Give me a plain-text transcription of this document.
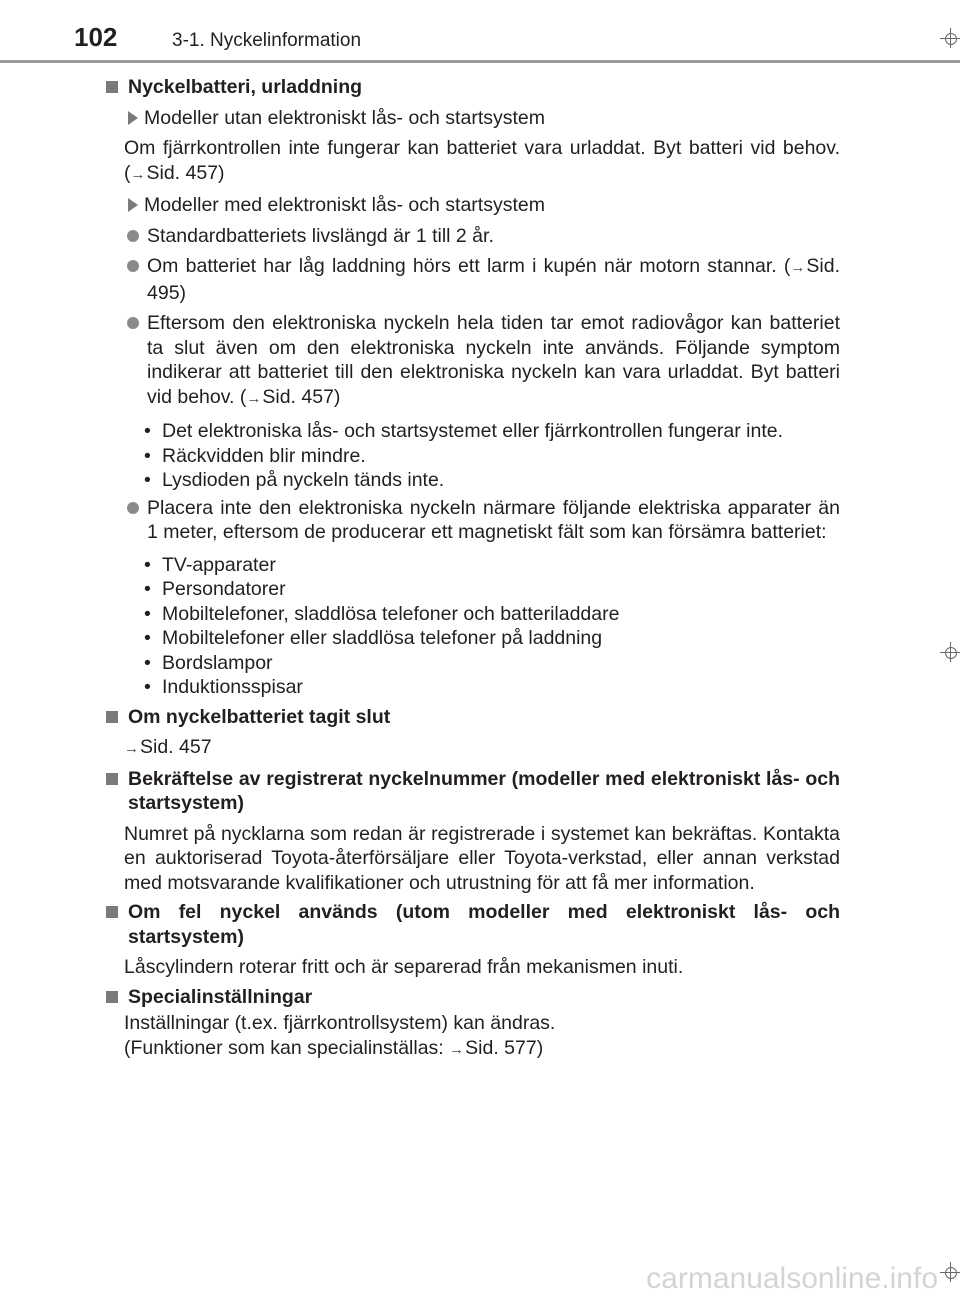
102	3-1. Nyckelinformation
Nyckelbatteri, urladdning
Modeller utan elektroniskt lås- och startsystem
Om fjärrkontrollen inte fungerar kan batteriet vara urladdat. Byt batteri vid behov. (→Sid. 457)
Modeller med elektroniskt lås- och startsystem
Standardbatteriets livslängd är 1 till 2 år.
Om batteriet har låg laddning hörs ett larm i kupén när motorn stannar. (→Sid. 495)
Eftersom den elektroniska nyckeln hela tiden tar emot radiovågor kan batteriet ta slut även om den elektroniska nyckeln inte används. Följande symptom indikerar att batteriet till den elektroniska nyckeln kan vara urladdat. Byt batteri vid behov. (→Sid. 457)
• Det elektroniska lås- och startsystemet eller fjärrkontrollen fungerar inte.
• Räckvidden blir mindre.
• Lysdioden på nyckeln tänds inte.
Placera inte den elektroniska nyckeln närmare följande elektriska apparater än 1 meter, eftersom de producerar ett magnetiskt fält som kan försämra batteriet:
• TV-apparater
• Persondatorer
• Mobiltelefoner, sladdlösa telefoner och batteriladdare
• Mobiltelefoner eller sladdlösa telefoner på laddning
• Bordslampor
• Induktionsspisar
Om nyckelbatteriet tagit slut
→Sid. 457
Bekräftelse av registrerat nyckelnummer (modeller med elektroniskt lås- och startsystem)
Numret på nycklarna som redan är registrerade i systemet kan bekräftas. Kontakta en auktoriserad Toyota-återförsäljare eller Toyota-verkstad, eller annan verkstad med motsvarande kvalifikationer och utrustning för att få mer information.
Om fel nyckel används (utom modeller med elektroniskt lås- och startsystem)
Låscylindern roterar fritt och är separerad från mekanismen inuti.
Specialinställningar
Inställningar (t.ex. fjärrkontrollsystem) kan ändras.
(Funktioner som kan specialinställas: →Sid. 577)
carmanualsonline.info
